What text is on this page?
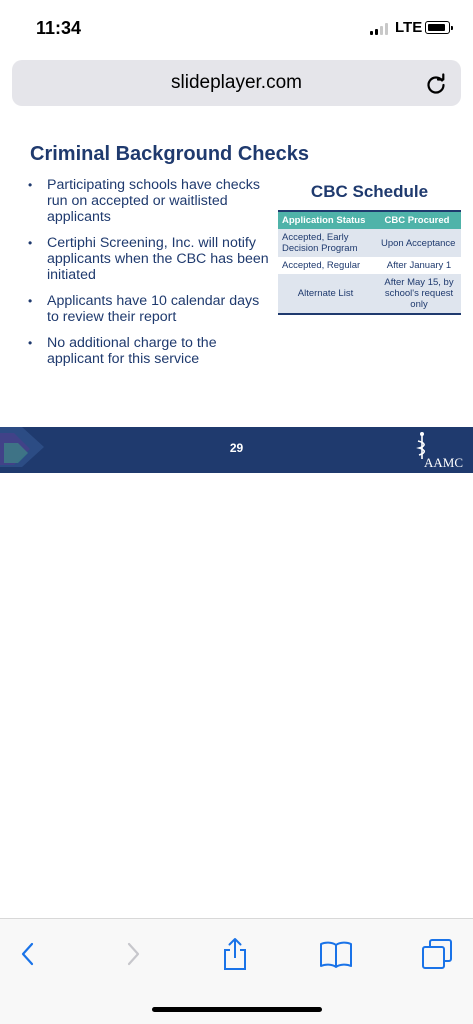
11:34	LTE
slideplayer.com
Criminal Background Checks
• Participating schools have checks run on accepted or waitlisted applicants
• Certiphi Screening, Inc. will notify applicants when the CBC has been initiated
• Applicants have 10 calendar days to review their report
• No additional charge to the applicant for this service
CBC Schedule
Application Status	CBC Procured
Accepted, Early Decision Program	Upon Acceptance
Accepted, Regular	After January 1
Alternate List	After May 15, by school's request only
29
AAMC
